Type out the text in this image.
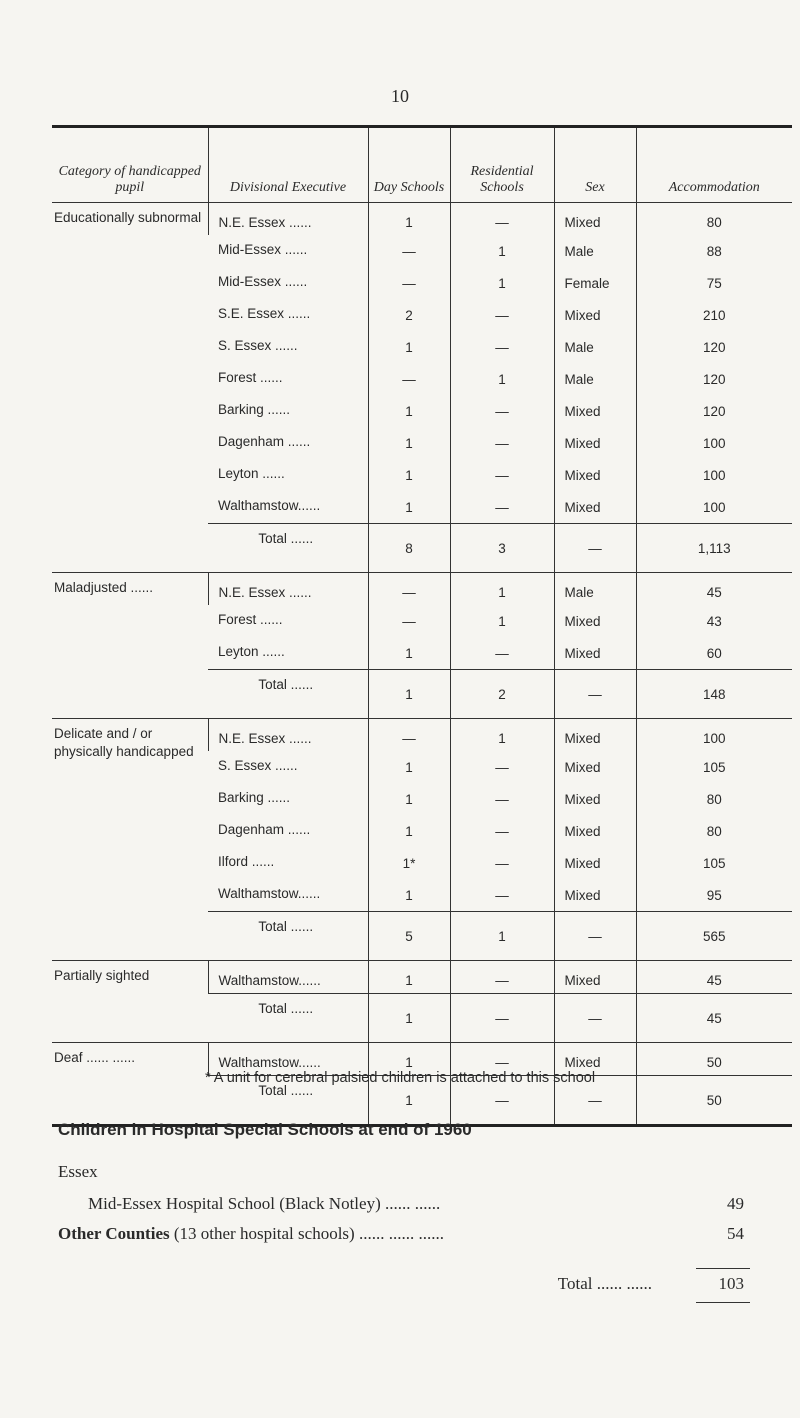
10
Category of handicapped pupil	Divisional Executive	Day Schools	Residential Schools	Sex	Accommodation
Educationally subnormal	N.E. Essex ......	1	—	Mixed	80
	Mid-Essex ......	—	1	Male	88
	Mid-Essex ......	—	1	Female	75
	S.E. Essex ......	2	—	Mixed	210
	S. Essex ......	1	—	Male	120
	Forest ......	—	1	Male	120
	Barking ......	1	—	Mixed	120
	Dagenham ......	1	—	Mixed	100
	Leyton ......	1	—	Mixed	100
	Walthamstow......	1	—	Mixed	100
	Total ......	8	3	—	1,113
Maladjusted ......	N.E. Essex ......	—	1	Male	45
	Forest ......	—	1	Mixed	43
	Leyton ......	1	—	Mixed	60
	Total ......	1	2	—	148
Delicate and / or physically handicapped	N.E. Essex ......	—	1	Mixed	100
	S. Essex ......	1	—	Mixed	105
	Barking ......	1	—	Mixed	80
	Dagenham ......	1	—	Mixed	80
	Ilford ......	1*	—	Mixed	105
	Walthamstow......	1	—	Mixed	95
	Total ......	5	1	—	565
Partially sighted	Walthamstow......	1	—	Mixed	45
	Total ......	1	—	—	45
Deaf ...... ......	Walthamstow......	1	—	Mixed	50
	Total ......	1	—	—	50
* A unit for cerebral palsied children is attached to this school
Children in Hospital Special Schools at end of 1960
Essex
Mid-Essex Hospital School (Black Notley) ...... ......	49
Other Counties (13 other hospital schools) ...... ...... ......	54
Total ...... ......	103
